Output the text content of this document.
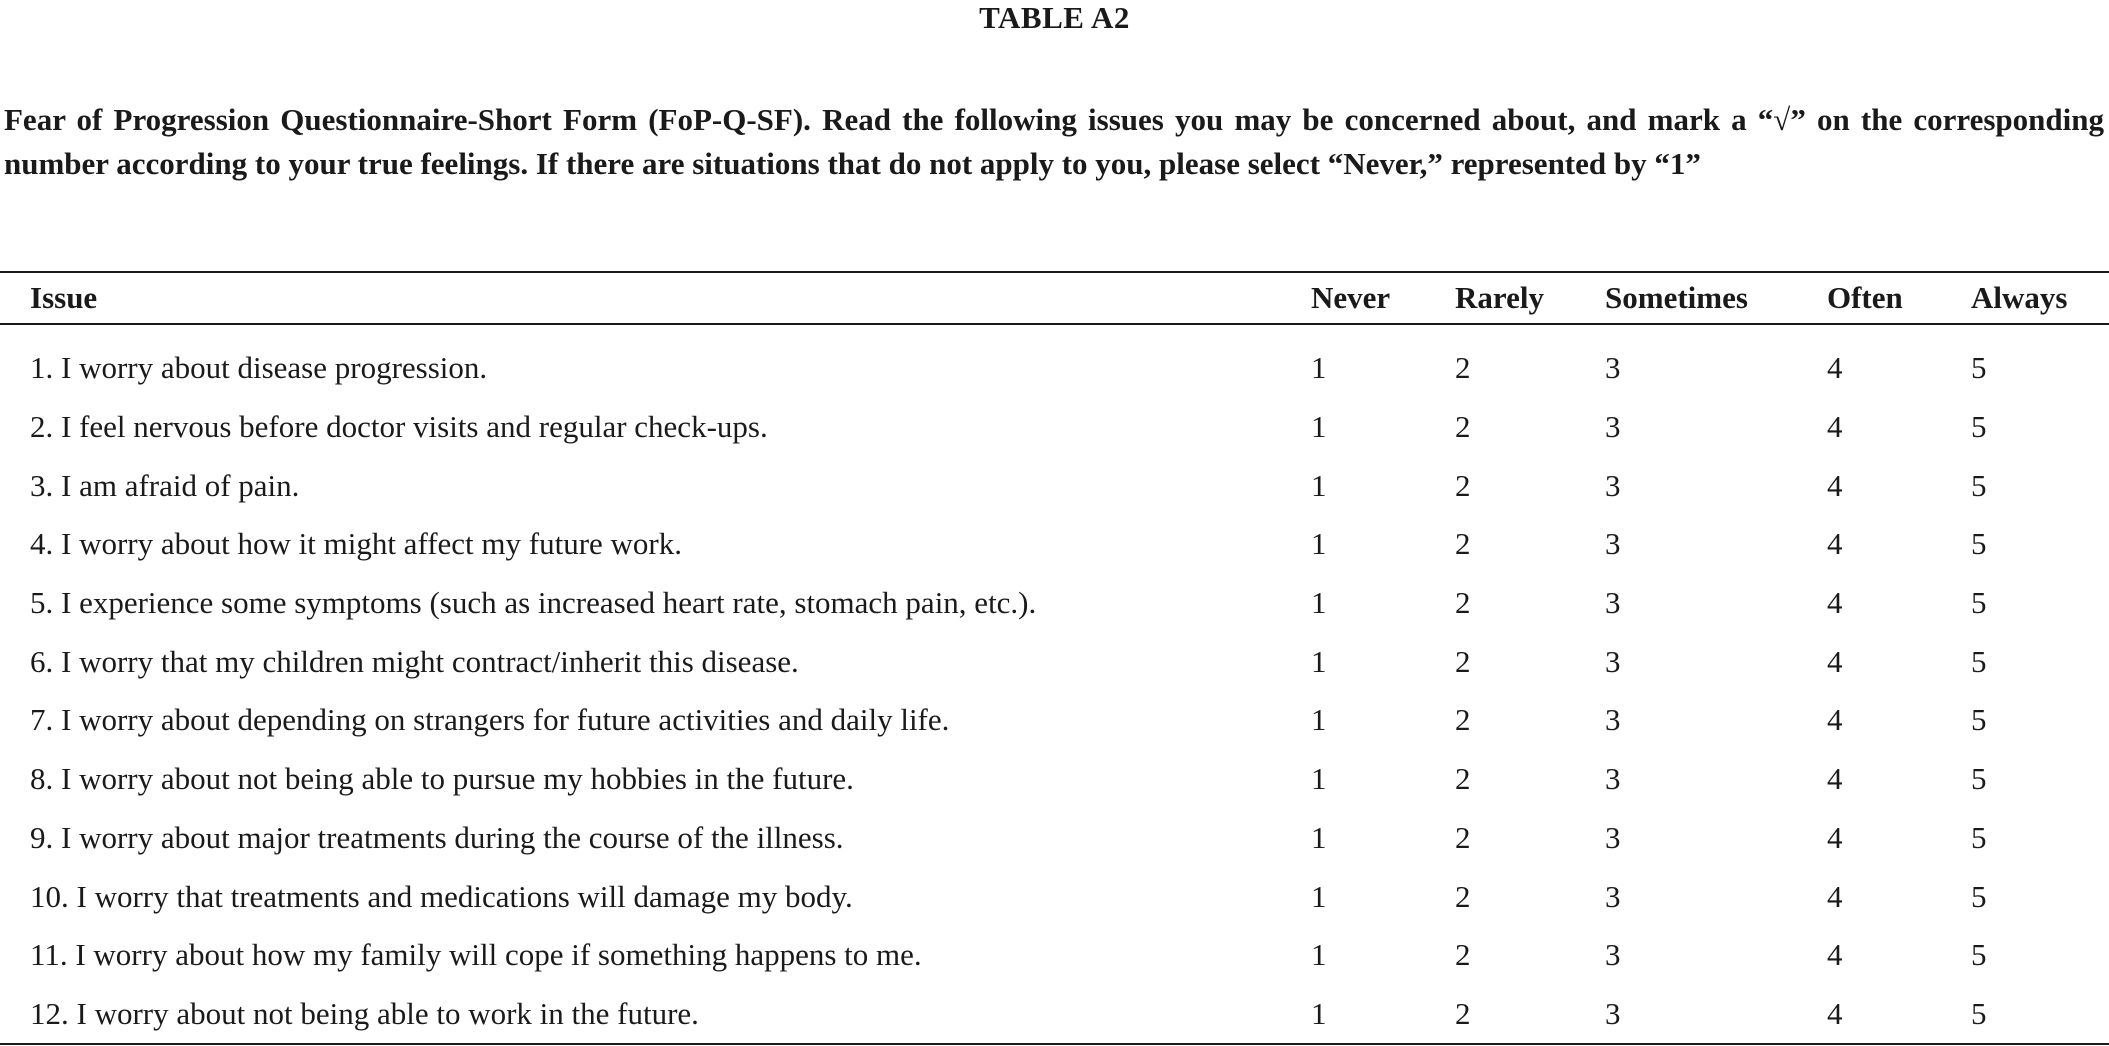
TABLE A2
Fear of Progression Questionnaire-Short Form (FoP-Q-SF). Read the following issues you may be concerned about, and mark a “√” on the corresponding number according to your true feelings. If there are situations that do not apply to you, please select “Never,” represented by “1”
Issue	Never	Rarely	Sometimes	Often	Always
1. I worry about disease progression.	1	2	3	4	5
2. I feel nervous before doctor visits and regular check-ups.	1	2	3	4	5
3. I am afraid of pain.	1	2	3	4	5
4. I worry about how it might affect my future work.	1	2	3	4	5
5. I experience some symptoms (such as increased heart rate, stomach pain, etc.).	1	2	3	4	5
6. I worry that my children might contract/inherit this disease.	1	2	3	4	5
7. I worry about depending on strangers for future activities and daily life.	1	2	3	4	5
8. I worry about not being able to pursue my hobbies in the future.	1	2	3	4	5
9. I worry about major treatments during the course of the illness.	1	2	3	4	5
10. I worry that treatments and medications will damage my body.	1	2	3	4	5
11. I worry about how my family will cope if something happens to me.	1	2	3	4	5
12. I worry about not being able to work in the future.	1	2	3	4	5
